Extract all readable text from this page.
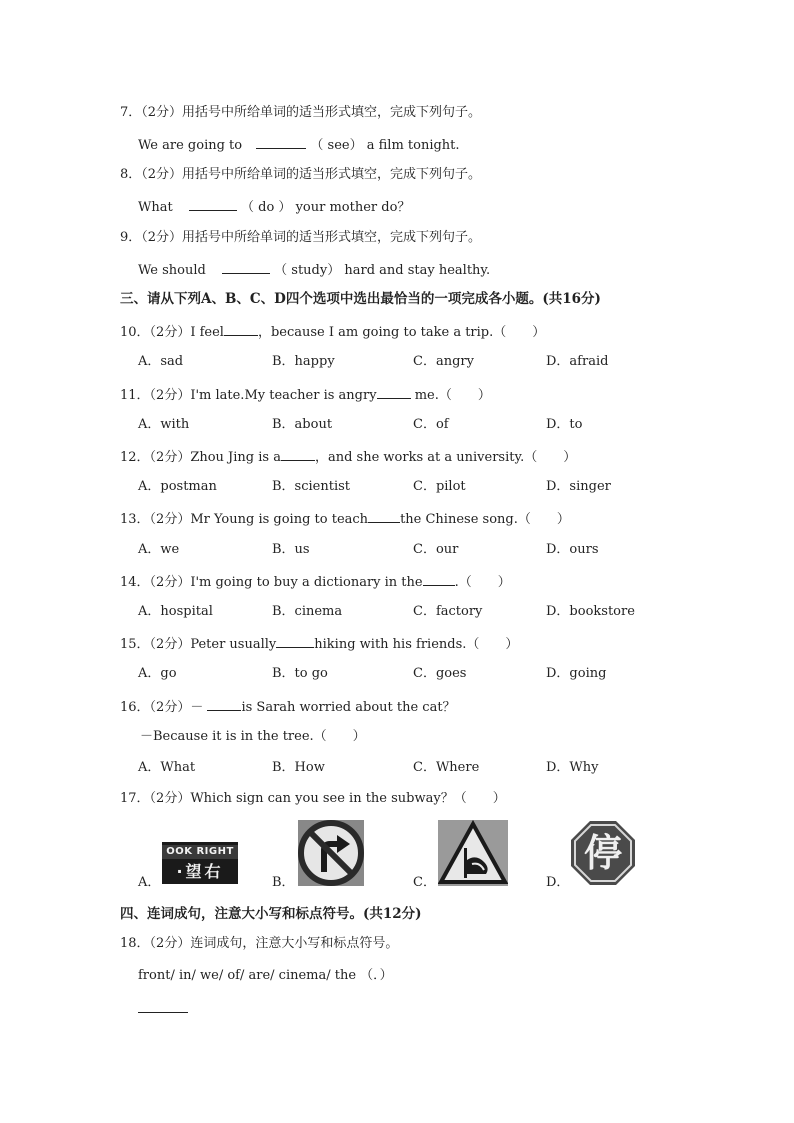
7．（2分）用括号中所给单词的适当形式填空，完成下列句子。
We are going to	（ see） a film tonight.
8．（2分）用括号中所给单词的适当形式填空，完成下列句子。
What	（ do ） your mother do？
9．（2分）用括号中所给单词的适当形式填空，完成下列句子。
We should	（ study） hard and stay healthy.
三、请从下列A、B、C、D四个选项中选出最恰当的一项完成各小题。(共16分)
10．（2分）I feel	，because I am going to take a trip.（　　）
A．sad	B．happy	C．angry	D．afraid
11．（2分）I'm late.My teacher is angry	me.（　　）
A．with	B．about	C．of	D．to
12．（2分）Zhou Jing is a	，and she works at a university.（　　）
A．postman	B．scientist	C．pilot	D．singer
13．（2分）Mr Young is going to teach the Chinese song.（　　）
A．we	B．us	C．our	D．ours
14．（2分）I'm going to buy a dictionary in the .（　　）
A．hospital	B．cinema	C．factory	D．bookstore
15．（2分）Peter usually	hiking with his friends.（　　）
A．go	B．to go	C．goes	D．going
16．（2分）－	is Sarah worried about the cat？
－Because it is in the tree.（　　）
A．What	B．How	C．Where	D．Why
17．（2分）Which sign can you see in the subway？（　　）
A．
OOK RIGHT
·望右
B．	C．	D．
停
四、连词成句，注意大小写和标点符号。(共12分)
18．（2分）连词成句，注意大小写和标点符号。
front/ in/ we/ of/ are/ cinema/ the （．）
